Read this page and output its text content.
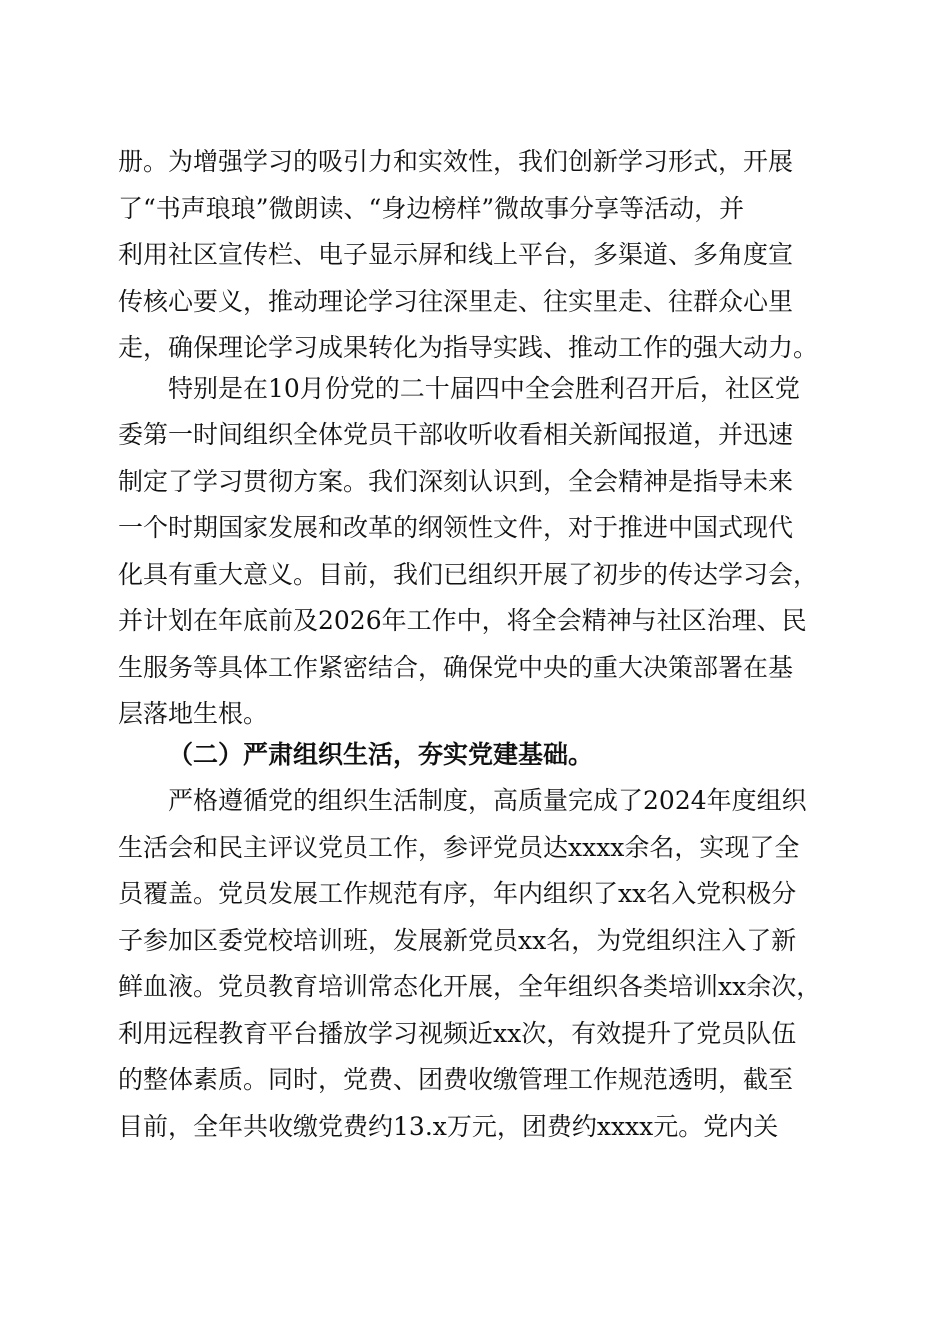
册。为增强学习的吸引力和实效性，我们创新学习形式，开展
了“书声琅琅”微朗读、“身边榜样”微故事分享等活动，并
利用社区宣传栏、电子显示屏和线上平台，多渠道、多角度宣
传核心要义，推动理论学习往深里走、往实里走、往群众心里
走，确保理论学习成果转化为指导实践、推动工作的强大动力。
特别是在10月份党的二十届四中全会胜利召开后，社区党
委第一时间组织全体党员干部收听收看相关新闻报道，并迅速
制定了学习贯彻方案。我们深刻认识到，全会精神是指导未来
一个时期国家发展和改革的纲领性文件，对于推进中国式现代
化具有重大意义。目前，我们已组织开展了初步的传达学习会，
并计划在年底前及2026年工作中，将全会精神与社区治理、民
生服务等具体工作紧密结合，确保党中央的重大决策部署在基
层落地生根。
（二）严肃组织生活，夯实党建基础。
严格遵循党的组织生活制度，高质量完成了2024年度组织
生活会和民主评议党员工作，参评党员达xxxx余名，实现了全
员覆盖。党员发展工作规范有序，年内组织了xx名入党积极分
子参加区委党校培训班，发展新党员xx名，为党组织注入了新
鲜血液。党员教育培训常态化开展，全年组织各类培训xx余次，
利用远程教育平台播放学习视频近xx次，有效提升了党员队伍
的整体素质。同时，党费、团费收缴管理工作规范透明，截至
目前，全年共收缴党费约13.x万元，团费约xxxx元。党内关
